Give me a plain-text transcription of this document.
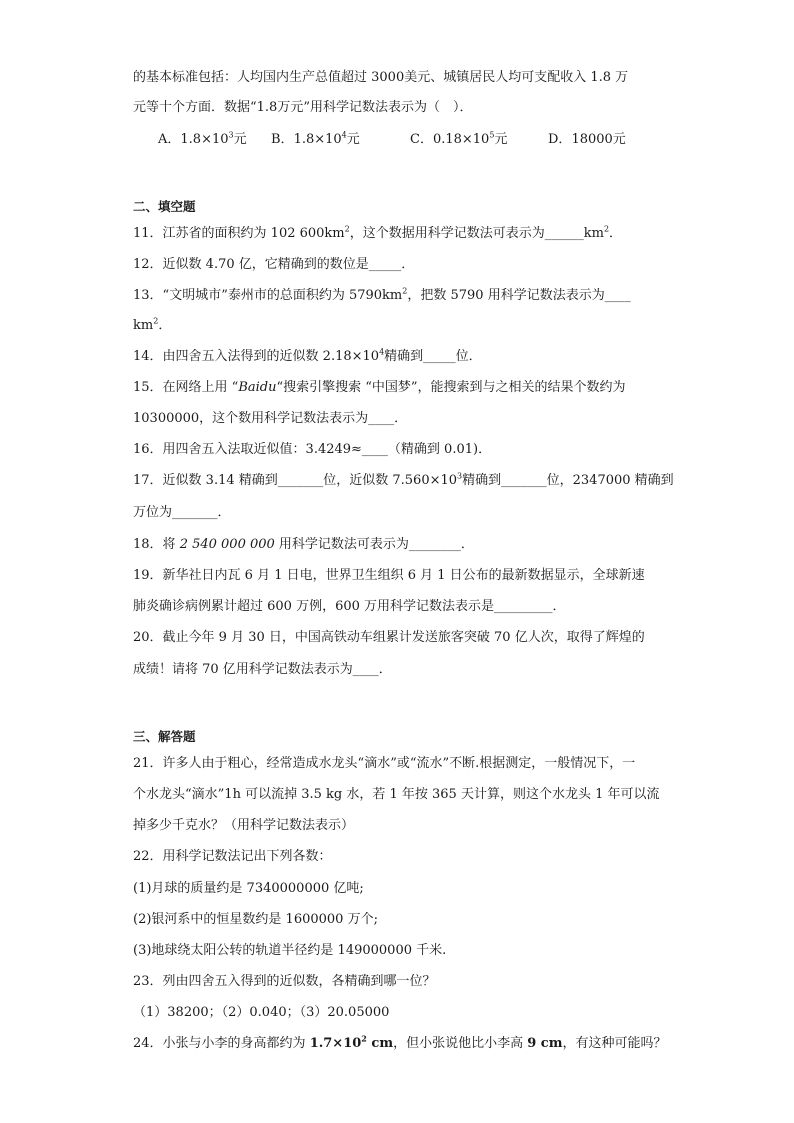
的基本标准包括：人均国内生产总值超过 3000美元、城镇居民人均可支配收入 1.8 万
元等十个方面．数据“1.8万元”用科学记数法表示为（　）．
A．$1.8\times 10^3$元 B．$1.8\times 10^4$元	C．$0.18\times 10^5$元	D．18000元
二、填空题
11．江苏省的面积约为 102 $600km^2$，这个数据用科学记数法可表示为$\_\_\_\_\_\_km^2$．
12．近似数 4.70 亿，它精确到的数位是_____．
13．“文明城市”泰州市的总面积约为 $5790km^2$，把数 5790 用科学记数法表示为____
$km^2$．
14．由四舍五入法得到的近似数 $2.18\times 10^4$精确到_____位．
15．在网络上用 “Baidu“搜索引擎搜索 “中国梦”，能搜索到与之相关的结果个数约为
10300000，这个数用科学记数法表示为____．
16．用四舍五入法取近似值：3.4249≈____（精确到 0.01)．
17．近似数 3.14 精确到_______位，近似数 $7.560\times 10^3$精确到_______位，2347000 精确到
万位为_______．
18．将 2 540 000 000 用科学记数法可表示为________．
19．新华社日内瓦 6 月 1 日电，世界卫生组织 6 月 1 日公布的最新数据显示，全球新速
肺炎确诊病例累计超过 600 万例，600 万用科学记数法表示是_________．
20．截止今年 9 月 30 日，中国高铁动车组累计发送旅客突破 70 亿人次，取得了辉煌的
成绩！请将 70 亿用科学记数法表示为____．
三、解答题
21．许多人由于粗心，经常造成水龙头“滴水”或“流水”不断.根据测定，一般情况下，一
个水龙头“滴水”1h 可以流掉 3.5 kg 水，若 1 年按 365 天计算，则这个水龙头 1 年可以流
掉多少千克水？（用科学记数法表示）
22．用科学记数法记出下列各数：
(1)月球的质量约是 7340000000 亿吨;
(2)银河系中的恒星数约是 1600000 万个;
(3)地球绕太阳公转的轨道半径约是 149000000 千米.
23．列由四舍五入得到的近似数，各精确到哪一位？
（1）38200；（2）0.040；（3）20.05000
24．小张与小李的身高都约为 $1.7\times 10^2$ cm，但小张说他比小李高 9 cm，有这种可能吗？
